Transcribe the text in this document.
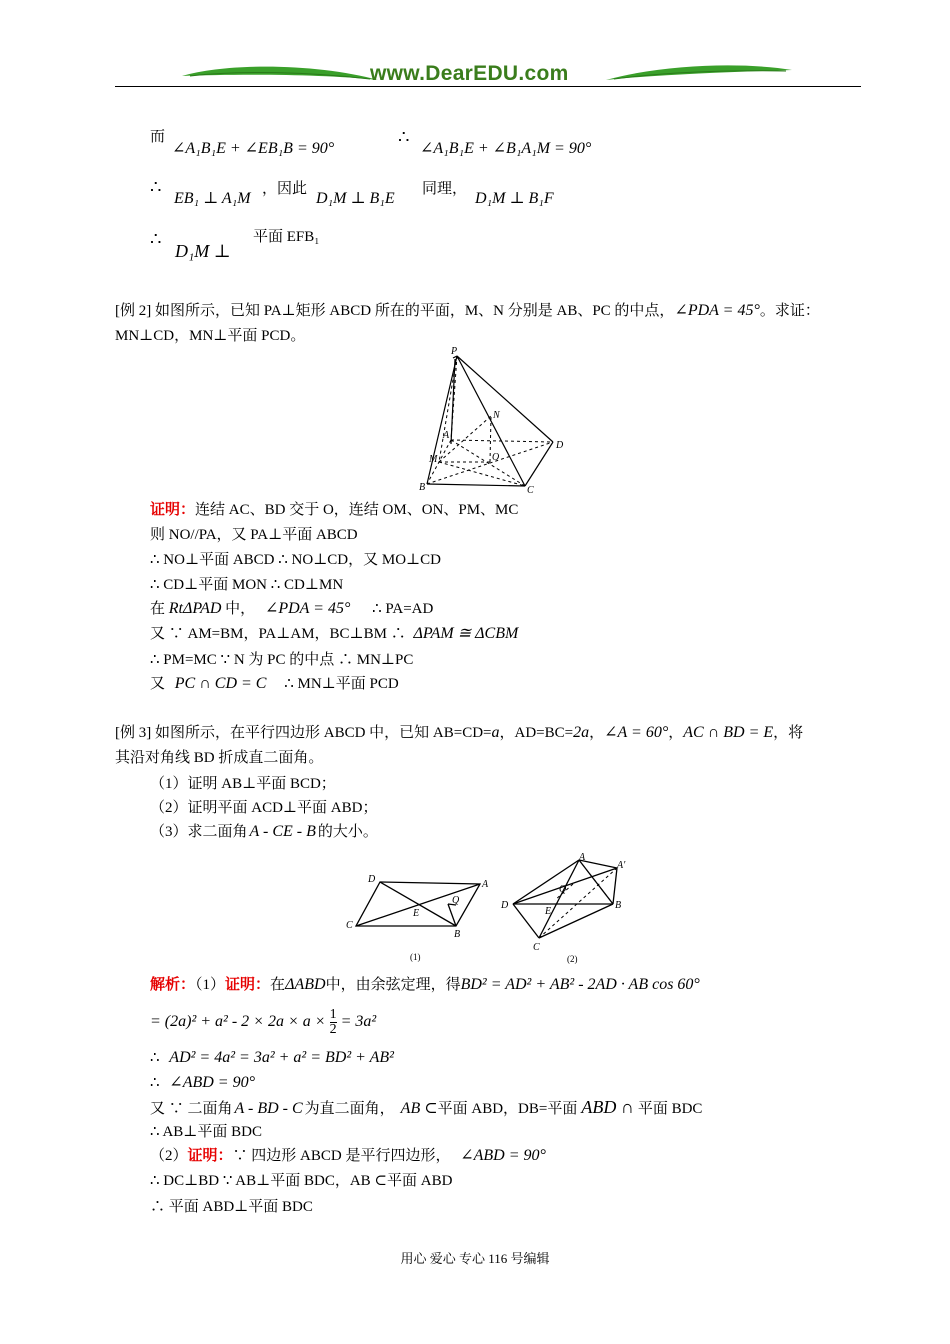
www.DearEDU.com
而
∠A₁B₁E + ∠EB₁B = 90°
∴
∠A₁B₁E + ∠B₁A₁M = 90°
∴
EB₁ ⊥ A₁M
，因此
D₁M ⊥ B₁E
同理，
D₁M ⊥ B₁F
∴
D₁M ⊥
平面 EFB₁
[例 2] 如图所示，已知 PA⊥矩形 ABCD 所在的平面，M、N 分别是 AB、PC 的中点，∠PDA = 45°。求证：
MN⊥CD，MN⊥平面 PCD。
P
N
A
D
M	O
B	C
证明：连结 AC、BD 交于 O，连结 OM、ON、PM、MC
则 NO//PA，又 PA⊥平面 ABCD
∴ NO⊥平面 ABCD ∴ NO⊥CD，又 MO⊥CD
∴ CD⊥平面 MON ∴ CD⊥MN
在 RtΔPAD 中， ∠PDA = 45° ∴ PA=AD
又 ∵ AM=BM，PA⊥AM，BC⊥BM ∴ ΔPAM ≅ ΔCBM
∴ PM=MC ∵ N 为 PC 的中点 ∴ MN⊥PC
又 PC ∩ CD = C ∴ MN⊥平面 PCD
[例 3] 如图所示，在平行四边形 ABCD 中，已知 AB=CD=a，AD=BC=2a，∠A = 60°，AC ∩ BD = E，将
其沿对角线 BD 折成直二面角。
（1）证明 AB⊥平面 BCD；
（2）证明平面 ACD⊥平面 ABD；
（3）求二面角 A - CE - B 的大小。
D	A
Q
E
C
B
(1)
A
A′
Q
D
E
B
C
(2)
解析：（1）证明：在ΔABD中，由余弦定理，得BD² = AD² + AB² - 2AD · AB cos 60°
= $(2a)^2 + a^2 - 2 \times 2a \times a \times \frac{1}{2} = 3a^2$
∴ AD² = 4a² = 3a² + a² = BD² + AB²
∴ ∠ABD = 90°
又 ∵ 二面角 A - BD - C 为直二面角， AB ⊂平面 ABD，DB=平面 ABD ∩ 平面 BDC
∴ AB⊥平面 BDC
（2）证明：∵ 四边形 ABCD 是平行四边形， ∠ABD = 90°
∴ DC⊥BD ∵ AB⊥平面 BDC，AB ⊂平面 ABD
∴ 平面 ABD⊥平面 BDC
用心 爱心 专心 116 号编辑
